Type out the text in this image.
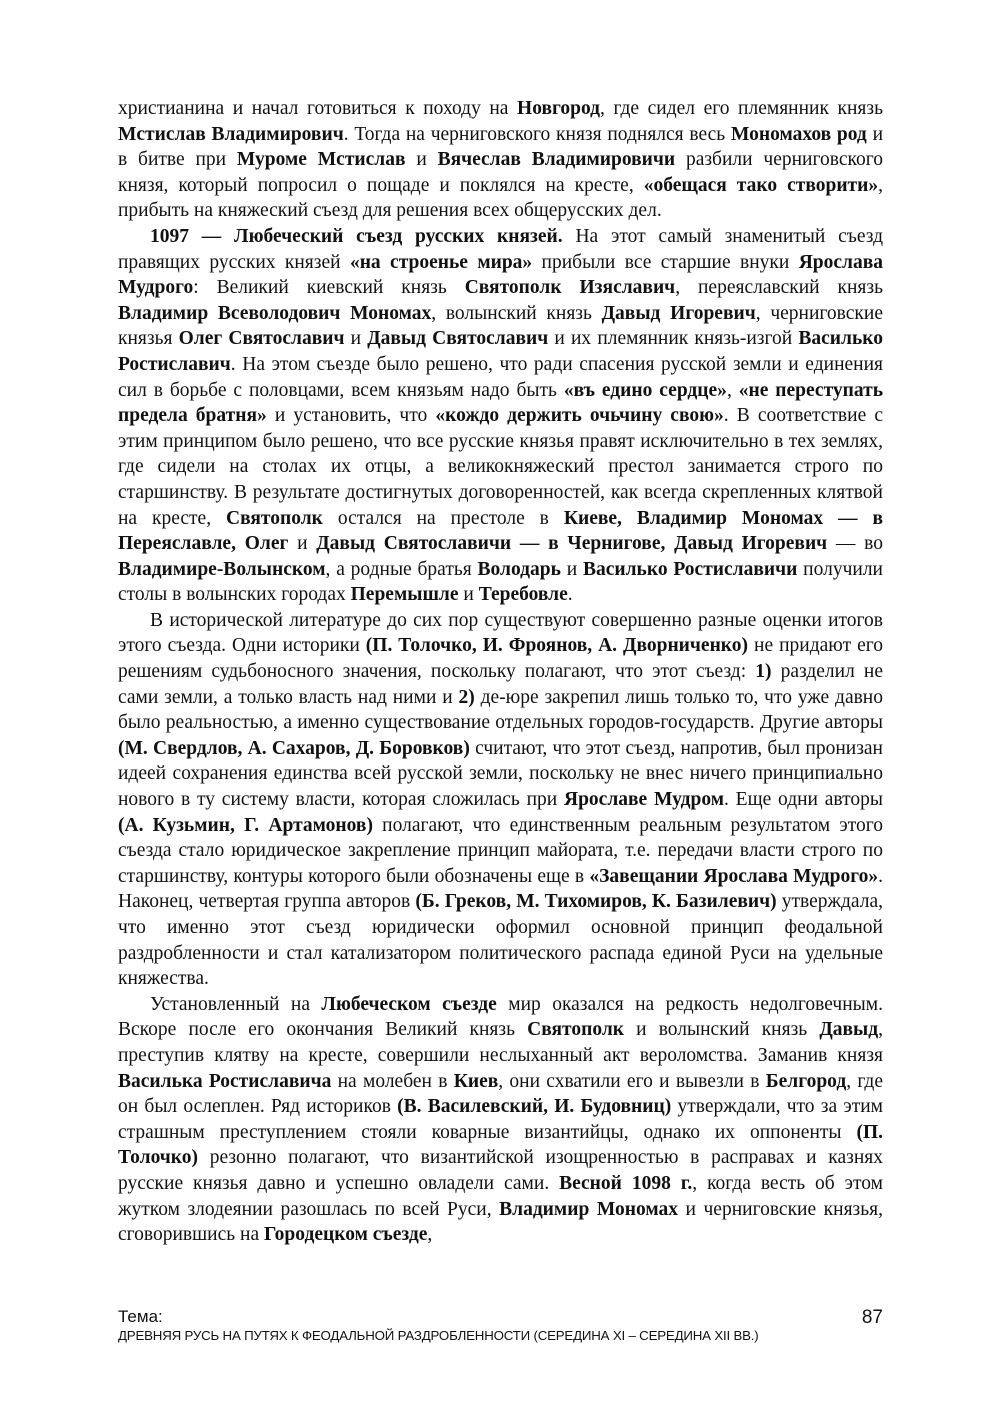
христианина и начал готовиться к походу на Новгород, где сидел его племянник князь Мстислав Владимирович. Тогда на черниговского князя поднялся весь Мономахов род и в битве при Муроме Мстислав и Вячеслав Владимировичи разбили черниговского князя, который попросил о пощаде и поклялся на кресте, «обещася тако створити», прибыть на княжеский съезд для решения всех общерусских дел.

1097 — Любеческий съезд русских князей. На этот самый знаменитый съезд правящих русских князей «на строенье мира» прибыли все старшие внуки Ярослава Мудрого: Великий киевский князь Святополк Изяславич, переяславский князь Владимир Всеволодович Мономах, волынский князь Давыд Игоревич, черниговские князья Олег Святославич и Давыд Святославич и их племянник князь-изгой Василько Ростиславич. На этом съезде было решено, что ради спасения русской земли и единения сил в борьбе с половцами, всем князьям надо быть «въ едино сердце», «не переступать предела братня» и установить, что «кождо держить очьчину свою». В соответствие с этим принципом было решено, что все русские князья правят исключительно в тех землях, где сидели на столах их отцы, а великокняжеский престол занимается строго по старшинству. В результате достигнутых договоренностей, как всегда скрепленных клятвой на кресте, Святополк остался на престоле в Киеве, Владимир Мономах — в Переяславле, Олег и Давыд Святославичи — в Чернигове, Давыд Игоревич — во Владимире-Волынском, а родные братья Володарь и Василько Ростиславичи получили столы в волынских городах Перемышле и Теребовле.

В исторической литературе до сих пор существуют совершенно разные оценки итогов этого съезда. Одни историки (П. Толочко, И. Фроянов, А. Дворниченко) не придают его решениям судьбоносного значения, поскольку полагают, что этот съезд: 1) разделил не сами земли, а только власть над ними и 2) де-юре закрепил лишь только то, что уже давно было реальностью, а именно существование отдельных городов-государств. Другие авторы (М. Свердлов, А. Сахаров, Д. Боровков) считают, что этот съезд, напротив, был пронизан идеей сохранения единства всей русской земли, поскольку не внес ничего принципиально нового в ту систему власти, которая сложилась при Ярославе Мудром. Еще одни авторы (А. Кузьмин, Г. Артамонов) полагают, что единственным реальным результатом этого съезда стало юридическое закрепление принцип майората, т.е. передачи власти строго по старшинству, контуры которого были обозначены еще в «Завещании Ярослава Мудрого». Наконец, четвертая группа авторов (Б. Греков, М. Тихомиров, К. Базилевич) утверждала, что именно этот съезд юридически оформил основной принцип феодальной раздробленности и стал катализатором политического распада единой Руси на удельные княжества.

Установленный на Любеческом съезде мир оказался на редкость недолговечным. Вскоре после его окончания Великий князь Святополк и волынский князь Давыд, преступив клятву на кресте, совершили неслыханный акт вероломства. Заманив князя Василька Ростиславича на молебен в Киев, они схватили его и вывезли в Белгород, где он был ослеплен. Ряд историков (В. Василевский, И. Будовниц) утверждали, что за этим страшным преступлением стояли коварные византийцы, однако их оппоненты (П. Толочко) резонно полагают, что византийской изощренностью в расправах и казнях русские князья давно и успешно овладели сами. Весной 1098 г., когда весть об этом жутком злодеянии разошлась по всей Руси, Владимир Мономах и черниговские князья, сговорившись на Городецком съезде,

Тема:
ДРЕВНЯЯ РУСЬ НА ПУТЯХ К ФЕОДАЛЬНОЙ РАЗДРОБЛЕННОСТИ (СЕРЕДИНА XI – СЕРЕДИНА XII ВВ.)
87
